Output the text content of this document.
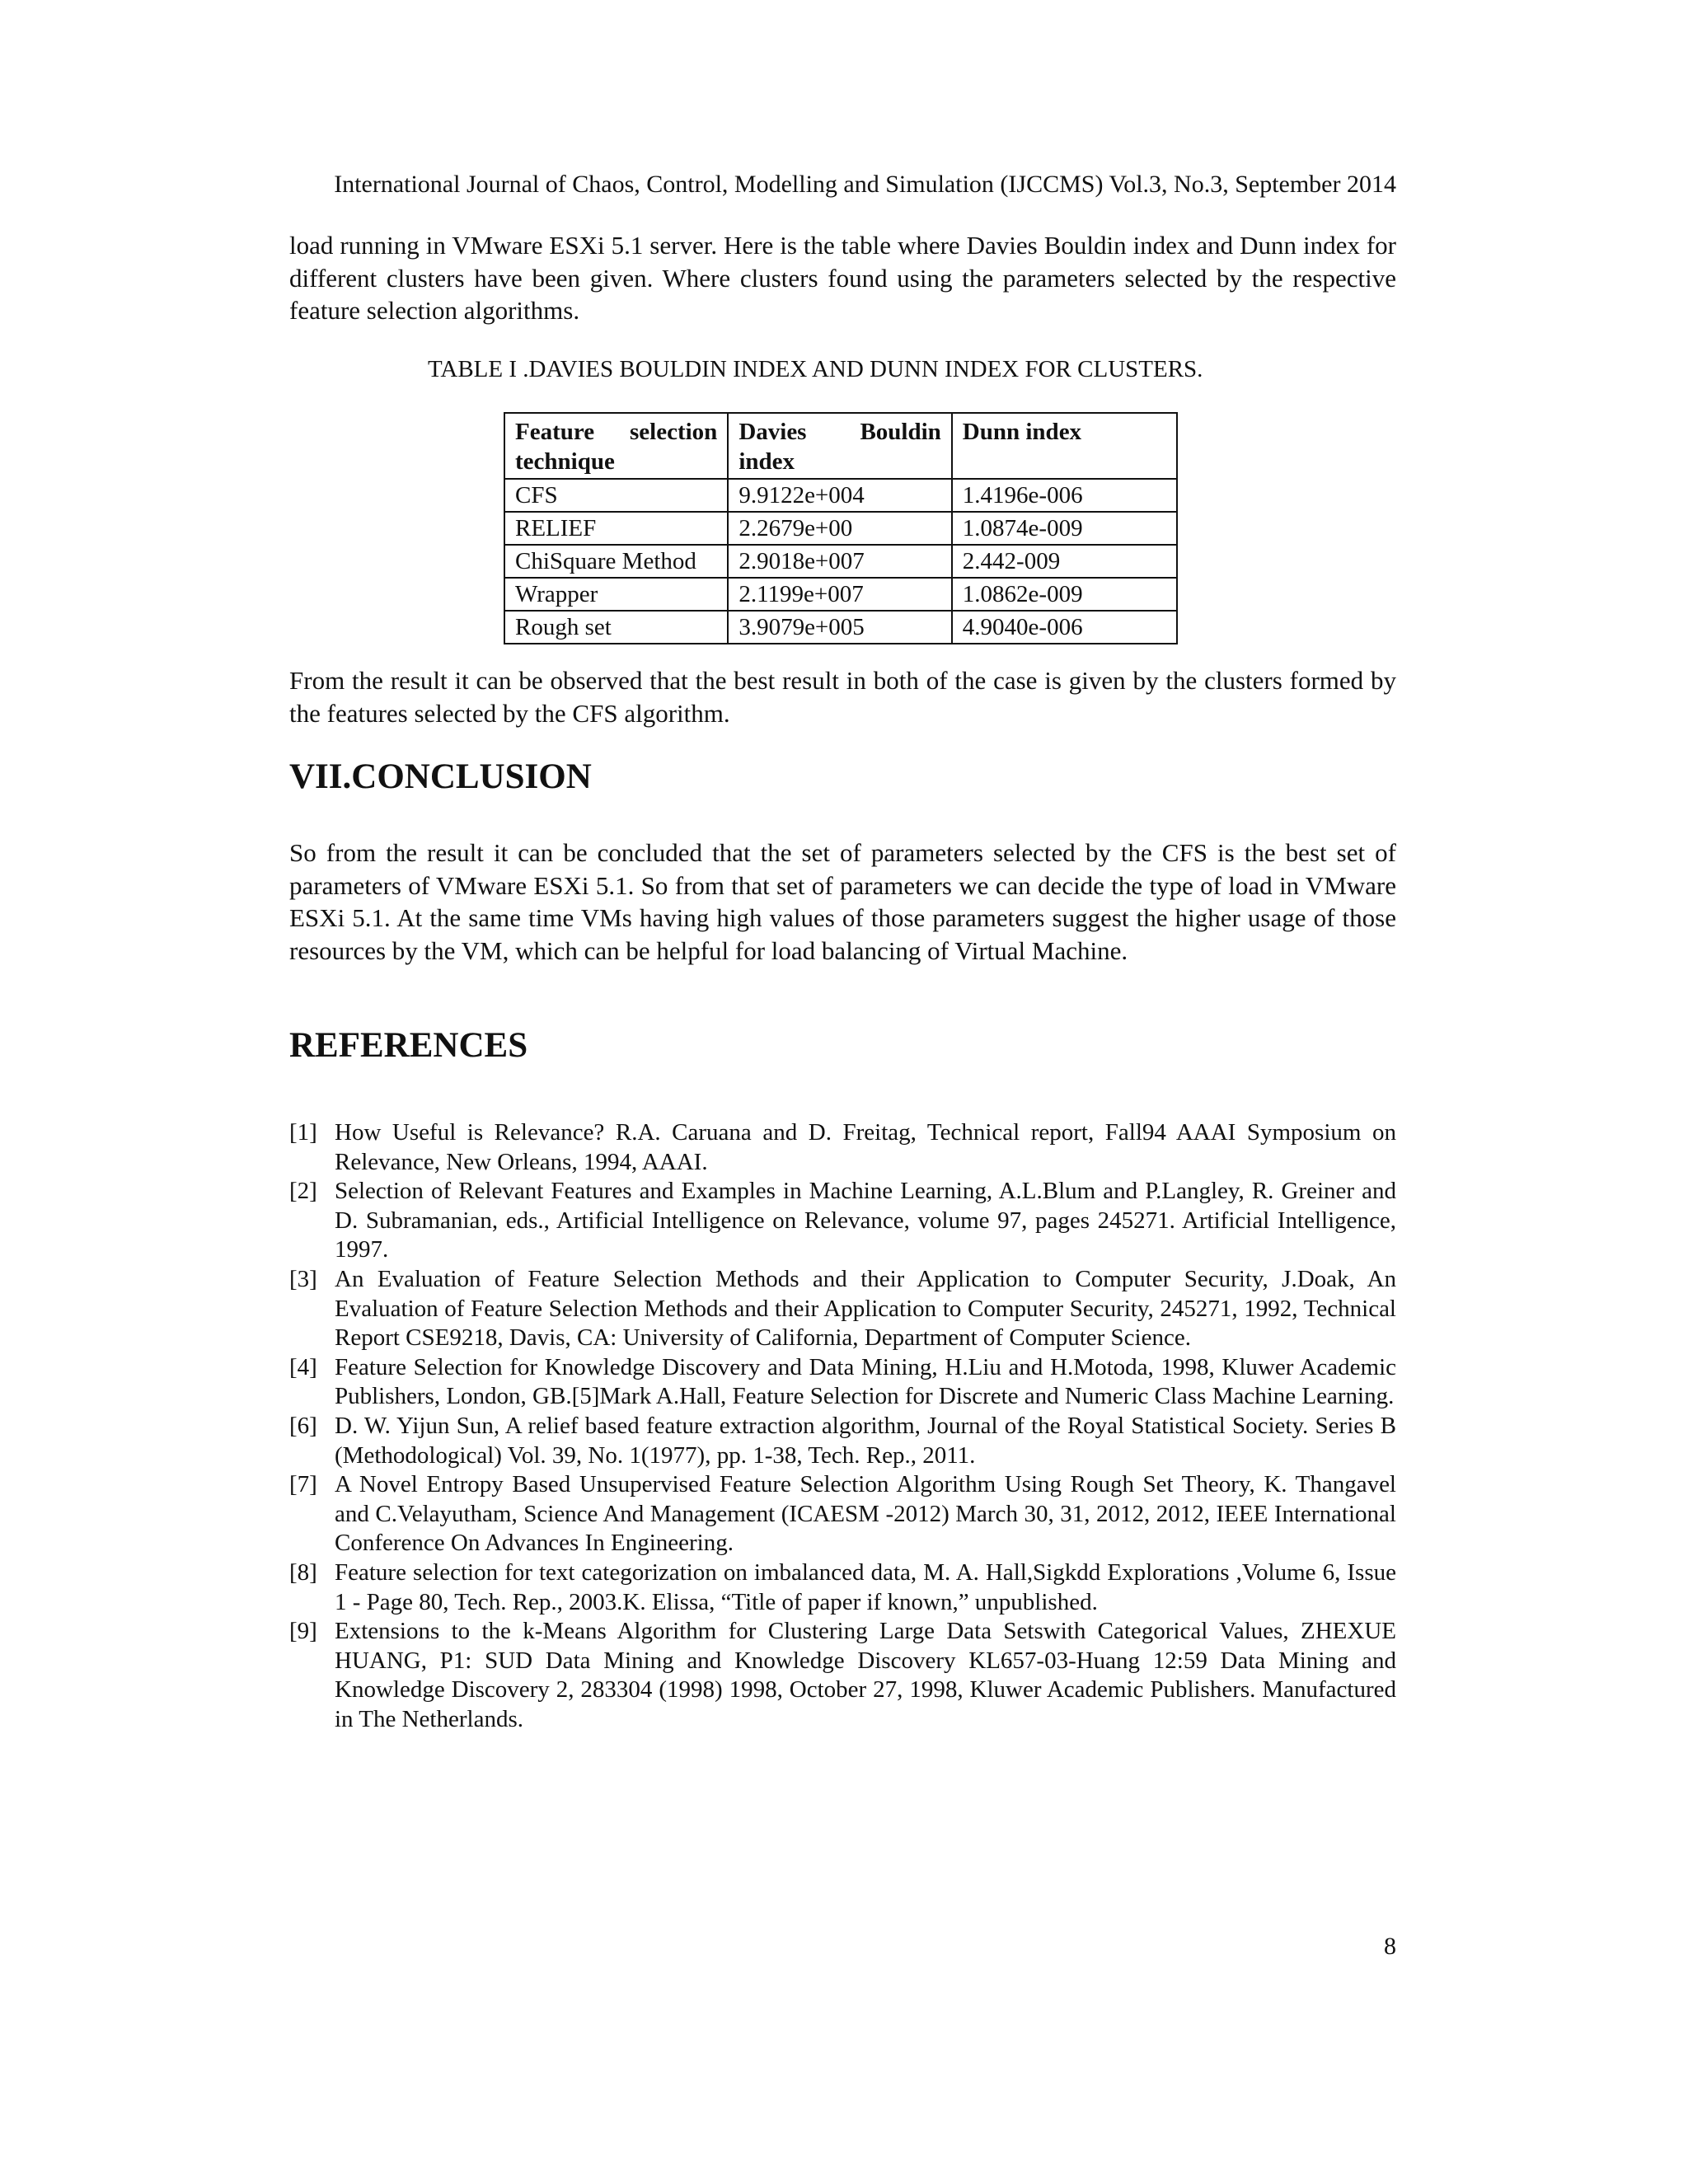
International Journal of Chaos, Control, Modelling and Simulation (IJCCMS) Vol.3, No.3, September 2014

load running in VMware ESXi 5.1 server. Here is the table where Davies Bouldin index and Dunn index for different clusters have been given. Where clusters found using the parameters selected by the respective feature selection algorithms.

TABLE I .DAVIES BOULDIN INDEX AND DUNN INDEX FOR CLUSTERS.

Feature selection technique	Davies Bouldin index	Dunn index
CFS	9.9122e+004	1.4196e-006
RELIEF	2.2679e+00	1.0874e-009
ChiSquare Method	2.9018e+007	2.442-009
Wrapper	2.1199e+007	1.0862e-009
Rough set	3.9079e+005	4.9040e-006

From the result it can be observed that the best result in both of the case is given by the clusters formed by the features selected by the CFS algorithm.

VII.CONCLUSION

So from the result it can be concluded that the set of parameters selected by the CFS is the best set of parameters of VMware ESXi 5.1. So from that set of parameters we can decide the type of load in VMware ESXi 5.1. At the same time VMs having high values of those parameters suggest the higher usage of those resources by the VM, which can be helpful for load balancing of Virtual Machine.

REFERENCES
[1] How Useful is Relevance? R.A. Caruana and D. Freitag, Technical report, Fall94 AAAI Symposium on Relevance, New Orleans, 1994, AAAI.
[2] Selection of Relevant Features and Examples in Machine Learning, A.L.Blum and P.Langley, R. Greiner and D. Subramanian, eds., Artificial Intelligence on Relevance, volume 97, pages 245271. Artificial Intelligence, 1997.
[3] An Evaluation of Feature Selection Methods and their Application to Computer Security, J.Doak, An Evaluation of Feature Selection Methods and their Application to Computer Security, 245271, 1992, Technical Report CSE9218, Davis, CA: University of California, Department of Computer Science.
[4] Feature Selection for Knowledge Discovery and Data Mining, H.Liu and H.Motoda, 1998, Kluwer Academic Publishers, London, GB.[5]Mark A.Hall, Feature Selection for Discrete and Numeric Class Machine Learning.
[6] D. W. Yijun Sun, A relief based feature extraction algorithm, Journal of the Royal Statistical Society. Series B (Methodological) Vol. 39, No. 1(1977), pp. 1-38, Tech. Rep., 2011.
[7] A Novel Entropy Based Unsupervised Feature Selection Algorithm Using Rough Set Theory, K. Thangavel and C.Velayutham, Science And Management (ICAESM -2012) March 30, 31, 2012, 2012, IEEE International Conference On Advances In Engineering.
[8] Feature selection for text categorization on imbalanced data, M. A. Hall,Sigkdd Explorations ,Volume 6, Issue 1 - Page 80, Tech. Rep., 2003.K. Elissa, “Title of paper if known,” unpublished.
[9] Extensions to the k-Means Algorithm for Clustering Large Data Setswith Categorical Values, ZHEXUE HUANG, P1: SUD Data Mining and Knowledge Discovery KL657-03-Huang 12:59 Data Mining and Knowledge Discovery 2, 283304 (1998) 1998, October 27, 1998, Kluwer Academic Publishers. Manufactured in The Netherlands.

8
